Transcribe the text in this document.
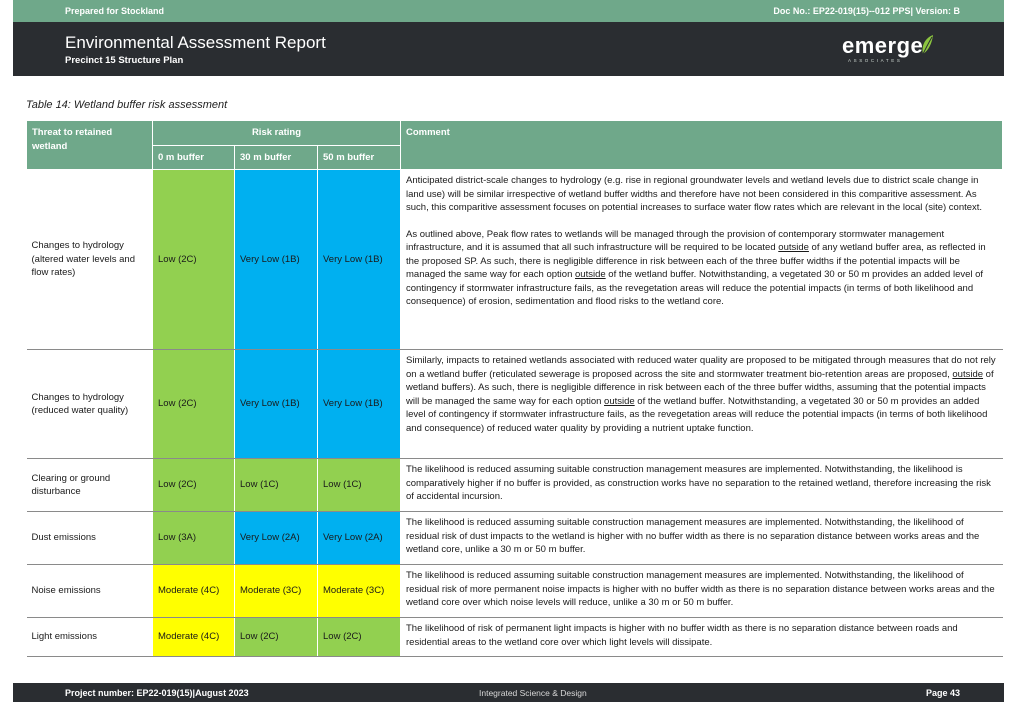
Prepared for Stockland	Doc No.: EP22-019(15)--012 PPS| Version: B
Environmental Assessment Report
Precinct 15 Structure Plan
emerge
ASSOCIATES
Table 14: Wetland buffer risk assessment
Threat to retained wetland	Risk rating			Comment
	0 m buffer	30 m buffer	50 m buffer	
Changes to hydrology (altered water levels and flow rates)	Low (2C)	Very Low (1B)	Very Low (1B)	Anticipated district-scale changes to hydrology (e.g. rise in regional groundwater levels and wetland levels due to district scale change in land use) will be similar irrespective of wetland buffer widths and therefore have not been considered in this comparitive assessment. As such, this comparitive assessment focuses on potential increases to surface water flow rates which are relevant in the local (site) context.

As outlined above, Peak flow rates to wetlands will be managed through the provision of contemporary stormwater management infrastructure, and it is assumed that all such infrastructure will be required to be located outside of any wetland buffer area, as reflected in the proposed SP. As such, there is negligible difference in risk between each of the three buffer widths if the potential impacts will be managed the same way for each option outside of the wetland buffer. Notwithstanding, a vegetated 30 or 50 m provides an added level of contingency if stormwater infrastructure fails, as the revegetation areas will reduce the potential impacts (in terms of both likelihood and consequence) of erosion, sedimentation and flood risks to the wetland core.

Changes to hydrology (reduced water quality)	Low (2C)	Very Low (1B)	Very Low (1B)	Similarly, impacts to retained wetlands associated with reduced water quality are proposed to be mitigated through measures that do not rely on a wetland buffer (reticulated sewerage is proposed across the site and stormwater treatment bio-retention areas are proposed, outside of wetland buffers). As such, there is negligible difference in risk between each of the three buffer widths, assuming that the potential impacts will be managed the same way for each option outside of the wetland buffer. Notwithstanding, a vegetated 30 or 50 m provides an added level of contingency if stormwater infrastructure fails, as the revegetation areas will reduce the potential impacts (in terms of both likelihood and consequence) of reduced water quality by providing a nutrient uptake function.
Clearing or ground disturbance	Low (2C)	Low (1C)	Low (1C)	The likelihood is reduced assuming suitable construction management measures are implemented. Notwithstanding, the likelihood is comparatively higher if no buffer is provided, as construction works have no separation to the retained wetland, therefore increasing the risk of accidental incursion.
Dust emissions	Low (3A)	Very Low (2A)	Very Low (2A)	The likelihood is reduced assuming suitable construction management measures are implemented. Notwithstanding, the likelihood of residual risk of dust impacts to the wetland is higher with no buffer width as there is no separation distance between works areas and the wetland core, unlike a 30 m or 50 m buffer.
Noise emissions	Moderate (4C)	Moderate (3C)	Moderate (3C)	The likelihood is reduced assuming suitable construction management measures are implemented. Notwithstanding, the likelihood of residual risk of more permanent noise impacts is higher with no buffer width as there is no separation distance between works areas and the wetland core over which noise levels will reduce, unlike a 30 m or 50 m buffer.
Light emissions	Moderate (4C)	Low (2C)	Low (2C)	The likelihood of risk of permanent light impacts is higher with no buffer width as there is no separation distance between roads and residential areas to the wetland core over which light levels will dissipate.
Project number: EP22-019(15)|August 2023	Integrated Science & Design	Page 43
